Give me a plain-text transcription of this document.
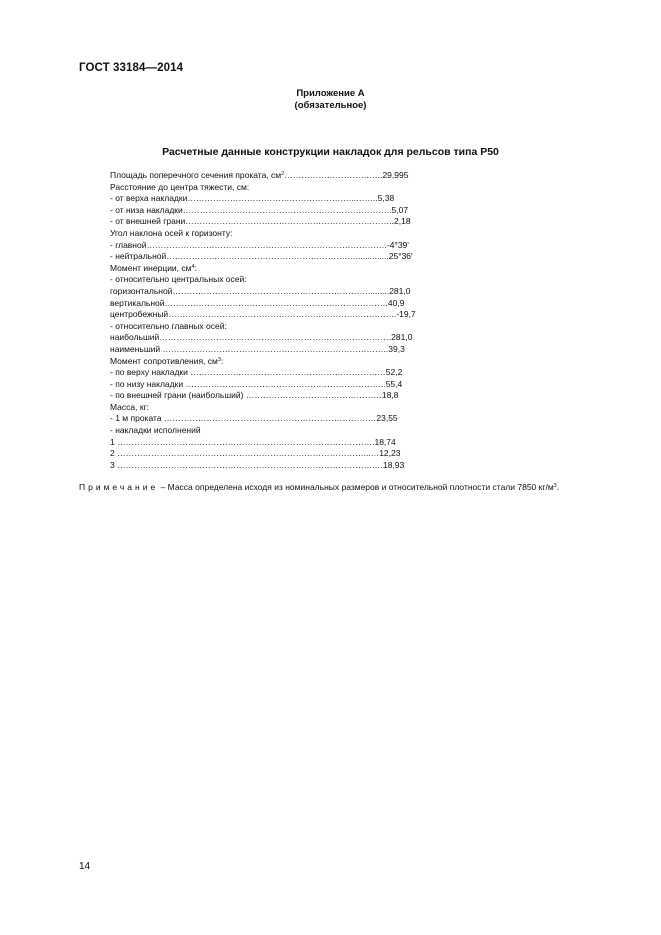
ГОСТ 33184—2014
Приложение А
(обязательное)
Расчетные данные конструкции накладок для рельсов типа Р50
Площадь поперечного сечения проката, $см^2\dots\dots\dots\dots\dots\dots\dots\dots\dots\dots\dots..29,995$
Расстояние до центра тяжести, см:
- от верха накладки…………………………………………………...……..5,38
- от низа накладки………………………………………………………………..5,07
- от внешней грани………………………………………………………………..2,18
Угол наклона осей к горизонту:
- главной………………………………………………………………………….-4°39'
- нейтральной……………………………………………………….…..............25°36'
Момент инерции, $см^4$:
- относительно центральных осей:
горизонтальной…………………………………………………………….........281,0
вертикальной…………………………………………………………………….40,9
центробежный………………………………………………………….…………..-19,7
- относительно главных осей:
наибольший……………………………………………………………………….281,0
наименьший ……………………………………………………………………..39,3
Момент сопротивления, $см^3$:
- по верху накладки ……………………………………………………………52,2
- по низу накладки ……………………………………………………………..55,4
- по внешней грани (наибольший) …………………………………………18,8
Масса, кг:
- 1 м проката …………………………………………………………………23,55
- накладки исполнений
1 ……………………………………………………………………………….18,74
2 ……………………………………………………………………………...…12,23
3 ……………………………………………………………………………….…18,93
Примечание – Масса определена исходя из номинальных размеров и относительной плотности стали 7850 $кг/м^3$.
14
